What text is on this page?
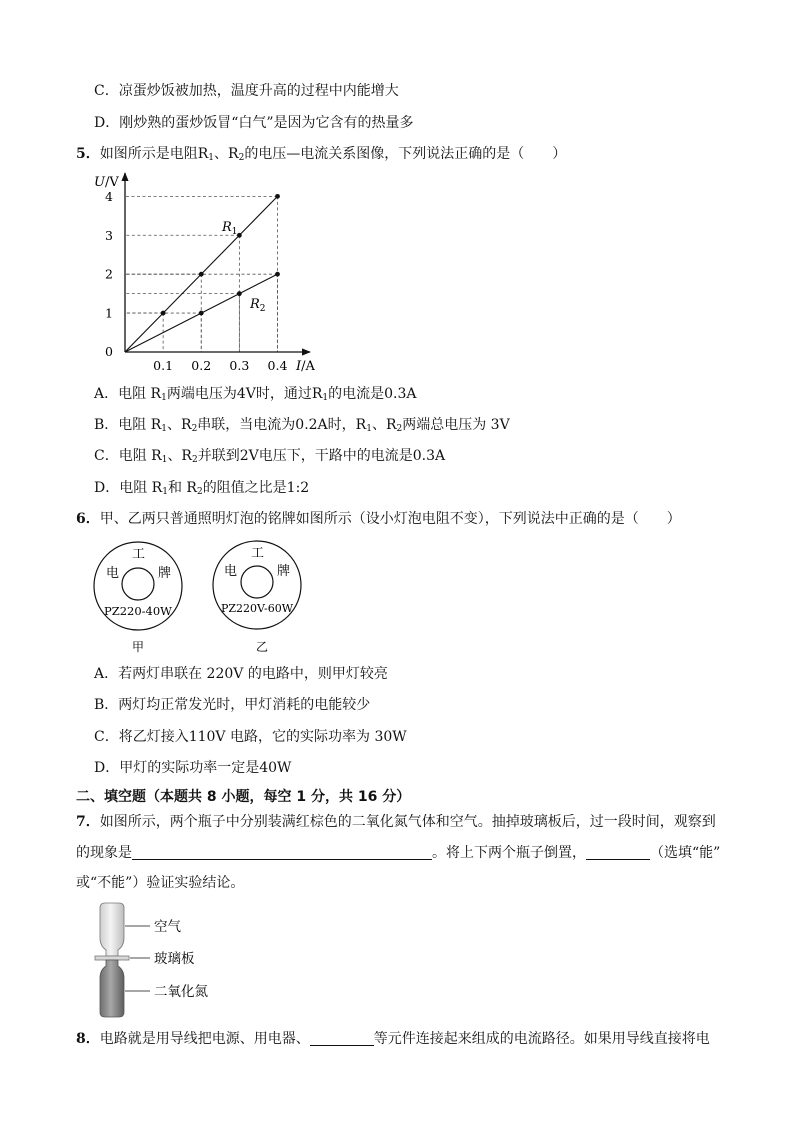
C．凉蛋炒饭被加热，温度升高的过程中内能增大
D．刚炒熟的蛋炒饭冒“白气”是因为它含有的热量多
5．如图所示是电阻$R_1$、$R_2$的电压—电流关系图像，下列说法正确的是（　　）
$R_1$
$R_2$
0.1 0.2 0.3 0.4
1
2
3
4
0
U/V
I/A
A．电阻 $R_1$两端电压为4V时，通过$R_1$的电流是0.3A
B．电阻 $R_1$、$R_2$串联，当电流为0.2A时，$R_1$、$R_2$两端总电压为 3V
C．电阻 $R_1$、$R_2$并联到2V电压下，干路中的电流是0.3A
D．电阻 $R_1$和 $R_2$的阻值之比是1:2
6．甲、乙两只普通照明灯泡的铭牌如图所示（设小灯泡电阻不变），下列说法中正确的是（　　）
电
工
牌
PZ220-40W
甲
电
工
牌
PZ220V-60W
乙
A．若两灯串联在 220V 的电路中，则甲灯较亮
B．两灯均正常发光时，甲灯消耗的电能较少
C．将乙灯接入110V 电路，它的实际功率为 30W
D．甲灯的实际功率一定是40W
二、填空题（本题共 8 小题，每空 1 分，共 16 分）
7．如图所示，两个瓶子中分别装满红棕色的二氧化氮气体和空气。抽掉玻璃板后，过一段时间，观察到
的现象是	。将上下两个瓶子倒置，	（选填“能”
或“不能”）验证实验结论。
空气
玻璃板
二氧化氮
8．电路就是用导线把电源、用电器、	等元件连接起来组成的电流路径。如果用导线直接将电
